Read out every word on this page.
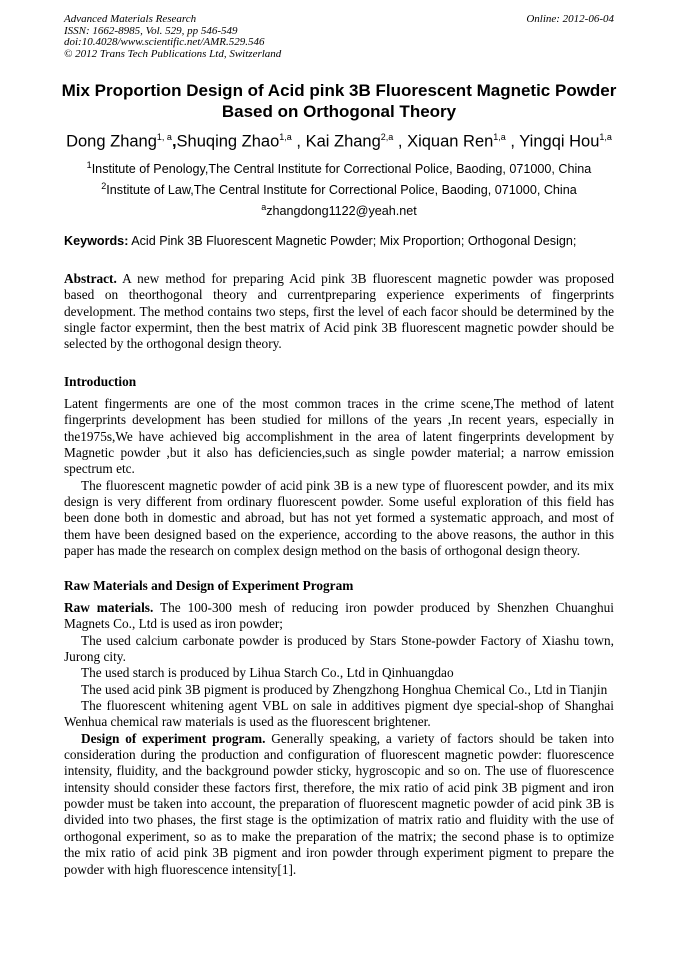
Advanced Materials Research
ISSN: 1662-8985, Vol. 529, pp 546-549
doi:10.4028/www.scientific.net/AMR.529.546
© 2012 Trans Tech Publications Ltd, Switzerland
Online: 2012-06-04
Mix Proportion Design of Acid pink 3B Fluorescent Magnetic Powder
Based on Orthogonal Theory
Dong Zhang$^{1, a}$,Shuqing Zhao$^{1,a}$ , Kai Zhang$^{2,a}$ , Xiquan Ren$^{1,a}$ , Yingqi Hou$^{1,a}$
$^1$Institute of Penology,The Central Institute for Correctional Police, Baoding, 071000, China
$^2$Institute of Law,The Central Institute for Correctional Police, Baoding, 071000, China
$^a$zhangdong1122@yeah.net
Keywords: Acid Pink 3B Fluorescent Magnetic Powder; Mix Proportion; Orthogonal Design;
Abstract. A new method for preparing Acid pink 3B fluorescent magnetic powder was proposed
based on theorthogonal theory and currentpreparing experience experiments of fingerprints
development. The method contains two steps, first the level of each facor should be determined by the
single factor expermint, then the best matrix of Acid pink 3B fluorescent magnetic powder should be
selected by the orthogonal design theory.
Introduction
Latent fingerments are one of the most common traces in the crime scene,The method of latent
fingerprints development has been studied for millons of the years ,In recent years, especially in
the1975s,We have achieved big accomplishment in the area of latent fingerprints development by
Magnetic powder ,but it also has deficiencies,such as single powder material; a narrow emission
spectrum etc.
The fluorescent magnetic powder of acid pink 3B is a new type of fluorescent powder, and its mix
design is very different from ordinary fluorescent powder. Some useful exploration of this field has
been done both in domestic and abroad, but has not yet formed a systematic approach, and most of
them have been designed based on the experience, according to the above reasons, the author in this
paper has made the research on complex design method on the basis of orthogonal design theory.
Raw Materials and Design of Experiment Program
Raw materials. The 100-300 mesh of reducing iron powder produced by Shenzhen Chuanghui
Magnets Co., Ltd is used as iron powder;
The used calcium carbonate powder is produced by Stars Stone-powder Factory of Xiashu town,
Jurong city.
The used starch is produced by Lihua Starch Co., Ltd in Qinhuangdao
The used acid pink 3B pigment is produced by Zhengzhong Honghua Chemical Co., Ltd in Tianjin
The fluorescent whitening agent VBL on sale in additives pigment dye special-shop of Shanghai
Wenhua chemical raw materials is used as the fluorescent brightener.
Design of experiment program. Generally speaking, a variety of factors should be taken into
consideration during the production and configuration of fluorescent magnetic powder: fluorescence
intensity, fluidity, and the background powder sticky, hygroscopic and so on. The use of fluorescence
intensity should consider these factors first, therefore, the mix ratio of acid pink 3B pigment and iron
powder must be taken into account, the preparation of fluorescent magnetic powder of acid pink 3B is
divided into two phases, the first stage is the optimization of matrix ratio and fluidity with the use of
orthogonal experiment, so as to make the preparation of the matrix; the second phase is to optimize
the mix ratio of acid pink 3B pigment and iron powder through experiment pigment to prepare the
powder with high fluorescence intensity[1].
